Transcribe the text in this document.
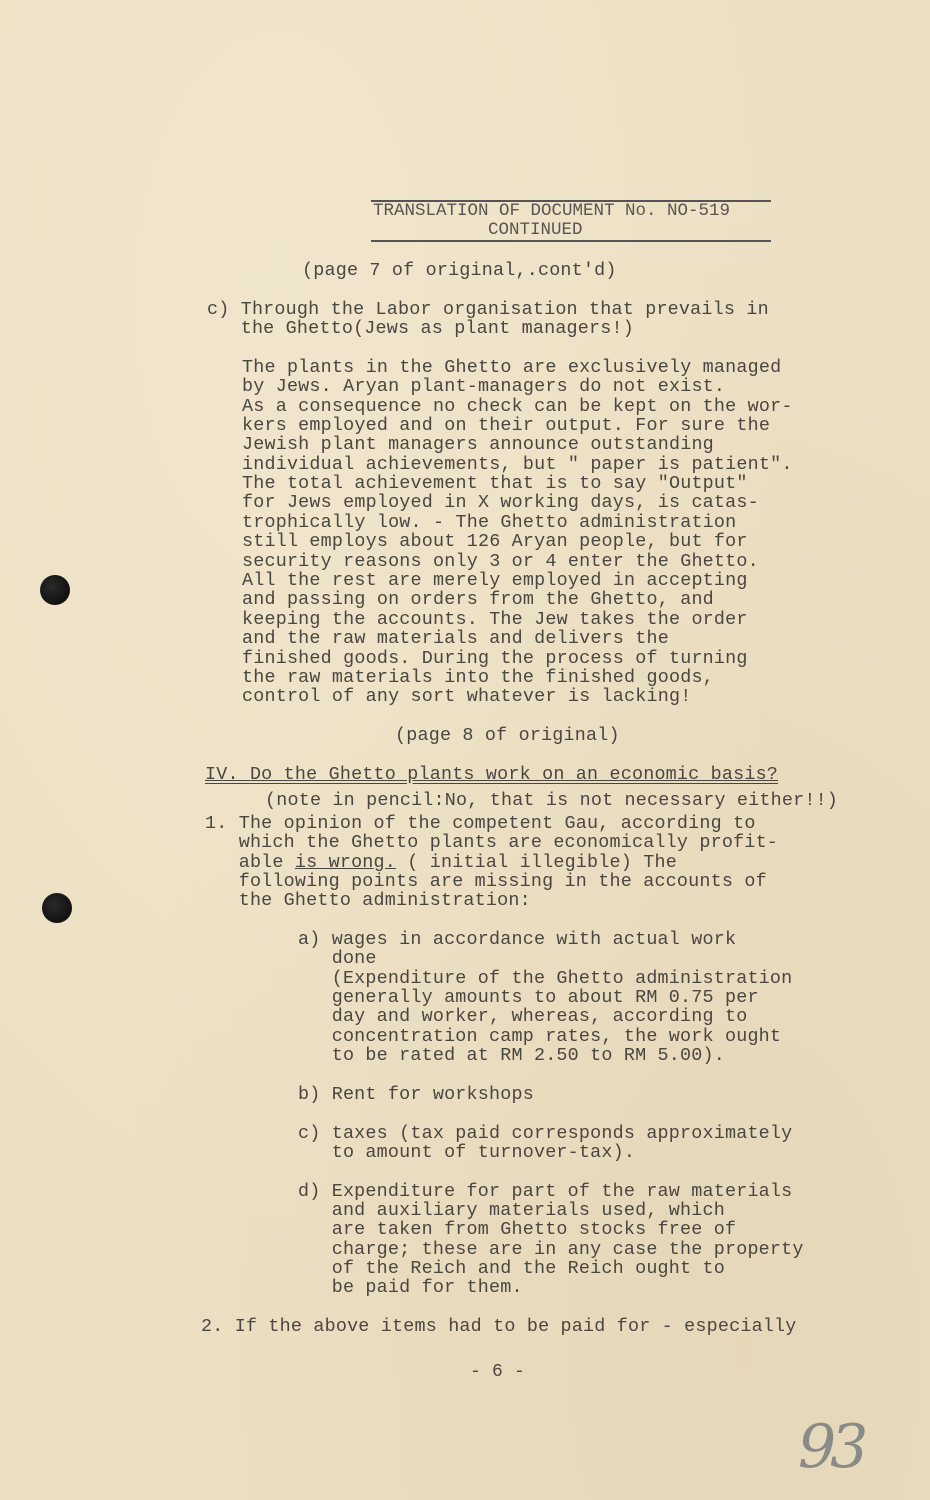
TRANSLATION OF DOCUMENT No. NO-519
CONTINUED
(page 7 of original,.cont'd)
c) Through the Labor organisation that prevails in
the Ghetto(Jews as plant managers!)
The plants in the Ghetto are exclusively managed
by Jews. Aryan plant-managers do not exist.
As a consequence no check can be kept on the wor-
kers employed and on their output. For sure the
Jewish plant managers announce outstanding
individual achievements, but " paper is patient".
The total achievement that is to say "Output"
for Jews employed in X working days, is catas-
trophically low. - The Ghetto administration
still employs about 126 Aryan people, but for
security reasons only 3 or 4 enter the Ghetto.
All the rest are merely employed in accepting
and passing on orders from the Ghetto, and
keeping the accounts. The Jew takes the order
and the raw materials and delivers the
finished goods. During the process of turning
the raw materials into the finished goods,
control of any sort whatever is lacking!
(page 8 of original)
IV. Do the Ghetto plants work on an economic basis?
(note in pencil:No, that is not necessary either!!)
1. The opinion of the competent Gau, according to
which the Ghetto plants are economically profit-
able is wrong. ( initial illegible) The
following points are missing in the accounts of
the Ghetto administration:
a) wages in accordance with actual work
done
(Expenditure of the Ghetto administration
generally amounts to about RM 0.75 per
day and worker, whereas, according to
concentration camp rates, the work ought
to be rated at RM 2.50 to RM 5.00).
b) Rent for workshops
c) taxes (tax paid corresponds approximately
to amount of turnover-tax).
d) Expenditure for part of the raw materials
and auxiliary materials used, which
are taken from Ghetto stocks free of
charge; these are in any case the property
of the Reich and the Reich ought to
be paid for them.
2. If the above items had to be paid for - especially
- 6 -
93
